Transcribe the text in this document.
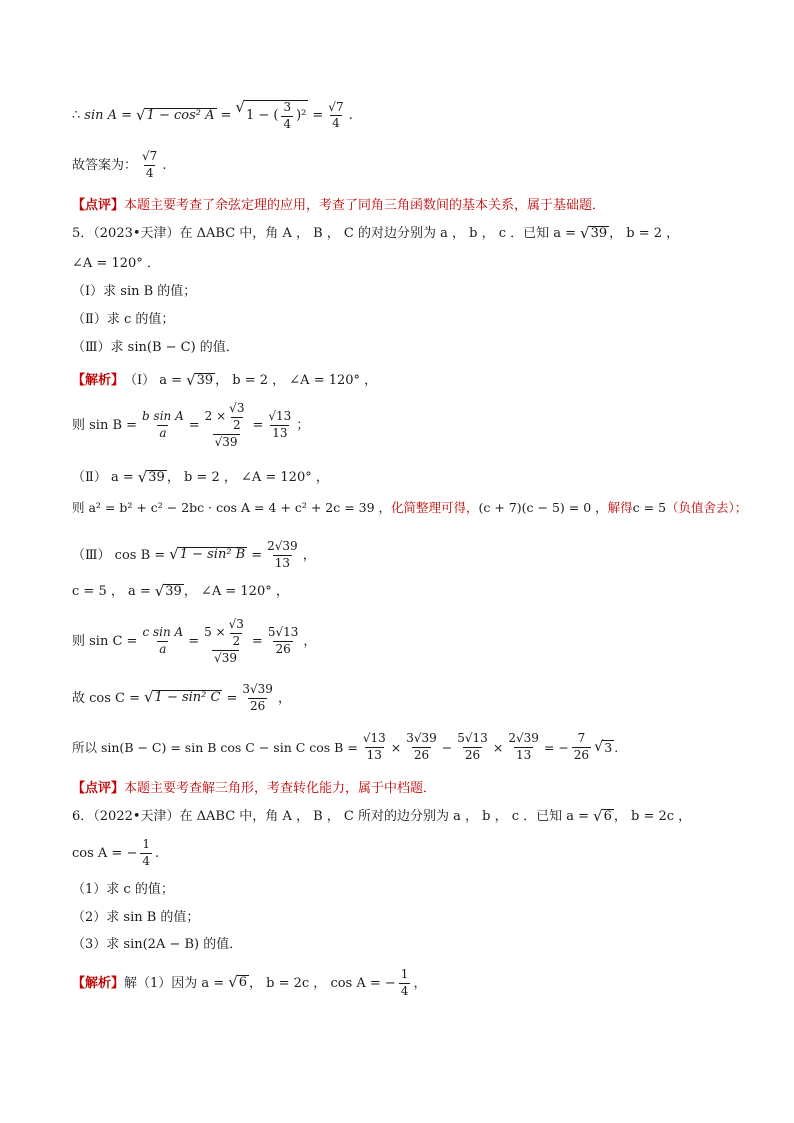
∴ sin A = √ 1 − cos² A = √ 1 − ( $\frac{3}{4} )^2 = \frac{√7}{4}$ .
故答案为： $\frac{√7}{4}$ .
【点评】 本题主要考查了余弦定理的应用，考查了同角三角函数间的基本关系，属于基础题．
5．（2023•天津）在 ΔABC 中，角 A ， B ， C 的对边分别为 a ， b ， c ．已知 a = √ 39 ， b = 2 ，
∠A = 120° ．
（Ⅰ）求 sin B 的值；
（Ⅱ）求 c 的值；
（Ⅲ）求 sin(B − C) 的值．
【解析】 （Ⅰ） a = √ 39 ， b = 2 ， ∠A = 120° ，
则 $\sin B = \frac{\text{b sin A}}{a} = \frac{2 \times \frac{√3}{2}}{√39} = \frac{√13}{13}$ ；
（Ⅱ） a = √ 39 ， b = 2 ， ∠A = 120° ，
则 a² = b² + c² − 2bc · cos A = 4 + c² + 2c = 39 ， 化简整理可得， (c + 7)(c − 5) = 0 ， 解得 c = 5 （负值舍去）；
（Ⅲ） cos B = √ 1 − sin² $B = \frac{2√39}{13}$ ，
c = 5 ， a = √ 39 ， ∠A = 120° ，
则 $\sin C = \frac{\text{c sin A}}{a} = \frac{5 \times \frac{√3}{2}}{√39} = \frac{5√13}{26}$ ，
故 cos C = √ 1 − sin² $C = \frac{3√39}{26}$ ，
所以 sin(B − C) = sin B cos C − sin C $\cos B = \frac{√13}{13} \times \frac{3√39}{26} - \frac{5√13}{26} \times \frac{2√39}{13}$ = − $\frac{7}{26}$ √ 3 .
【点评】 本题主要考查解三角形，考查转化能力，属于中档题．
6．（2022•天津）在 ΔABC 中，角 A ， B ， C 所对的边分别为 a ， b ， c ．已知 a = √ 6 ， b = 2c ，
cos A = − $\frac{1}{4}$ .
（1）求 c 的值；
（2）求 sin B 的值；
（3）求 sin(2A − B) 的值．
【解析】 解（1）因为 a = √ 6 ， b = 2c ， cos A = − $\frac{1}{4}$ ，
